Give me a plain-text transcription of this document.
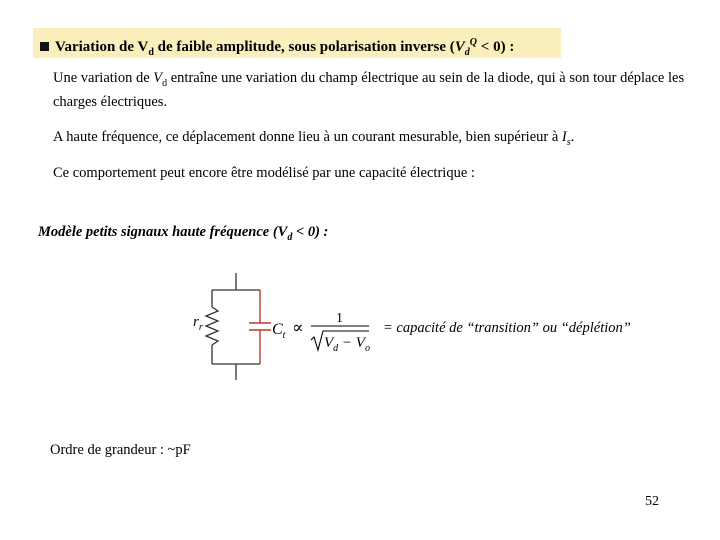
Variation de $V_d$ de faible amplitude, sous polarisation inverse $(V_d^Q < 0)$ :
Une variation de $V_d$ entraîne une variation du champ électrique au sein de la diode, qui à son tour déplace les charges électriques.
A haute fréquence, ce déplacement donne lieu à un courant mesurable, bien supérieur à $I_s$.
Ce comportement peut encore être modélisé par une capacité électrique :
Modèle petits signaux haute fréquence $(V_d < 0)$ :
$r_r$	$C_t \propto 1$
$V_d - V_o$
= capacité de “transition” ou “déplétion”
Ordre de grandeur : ~pF
52
